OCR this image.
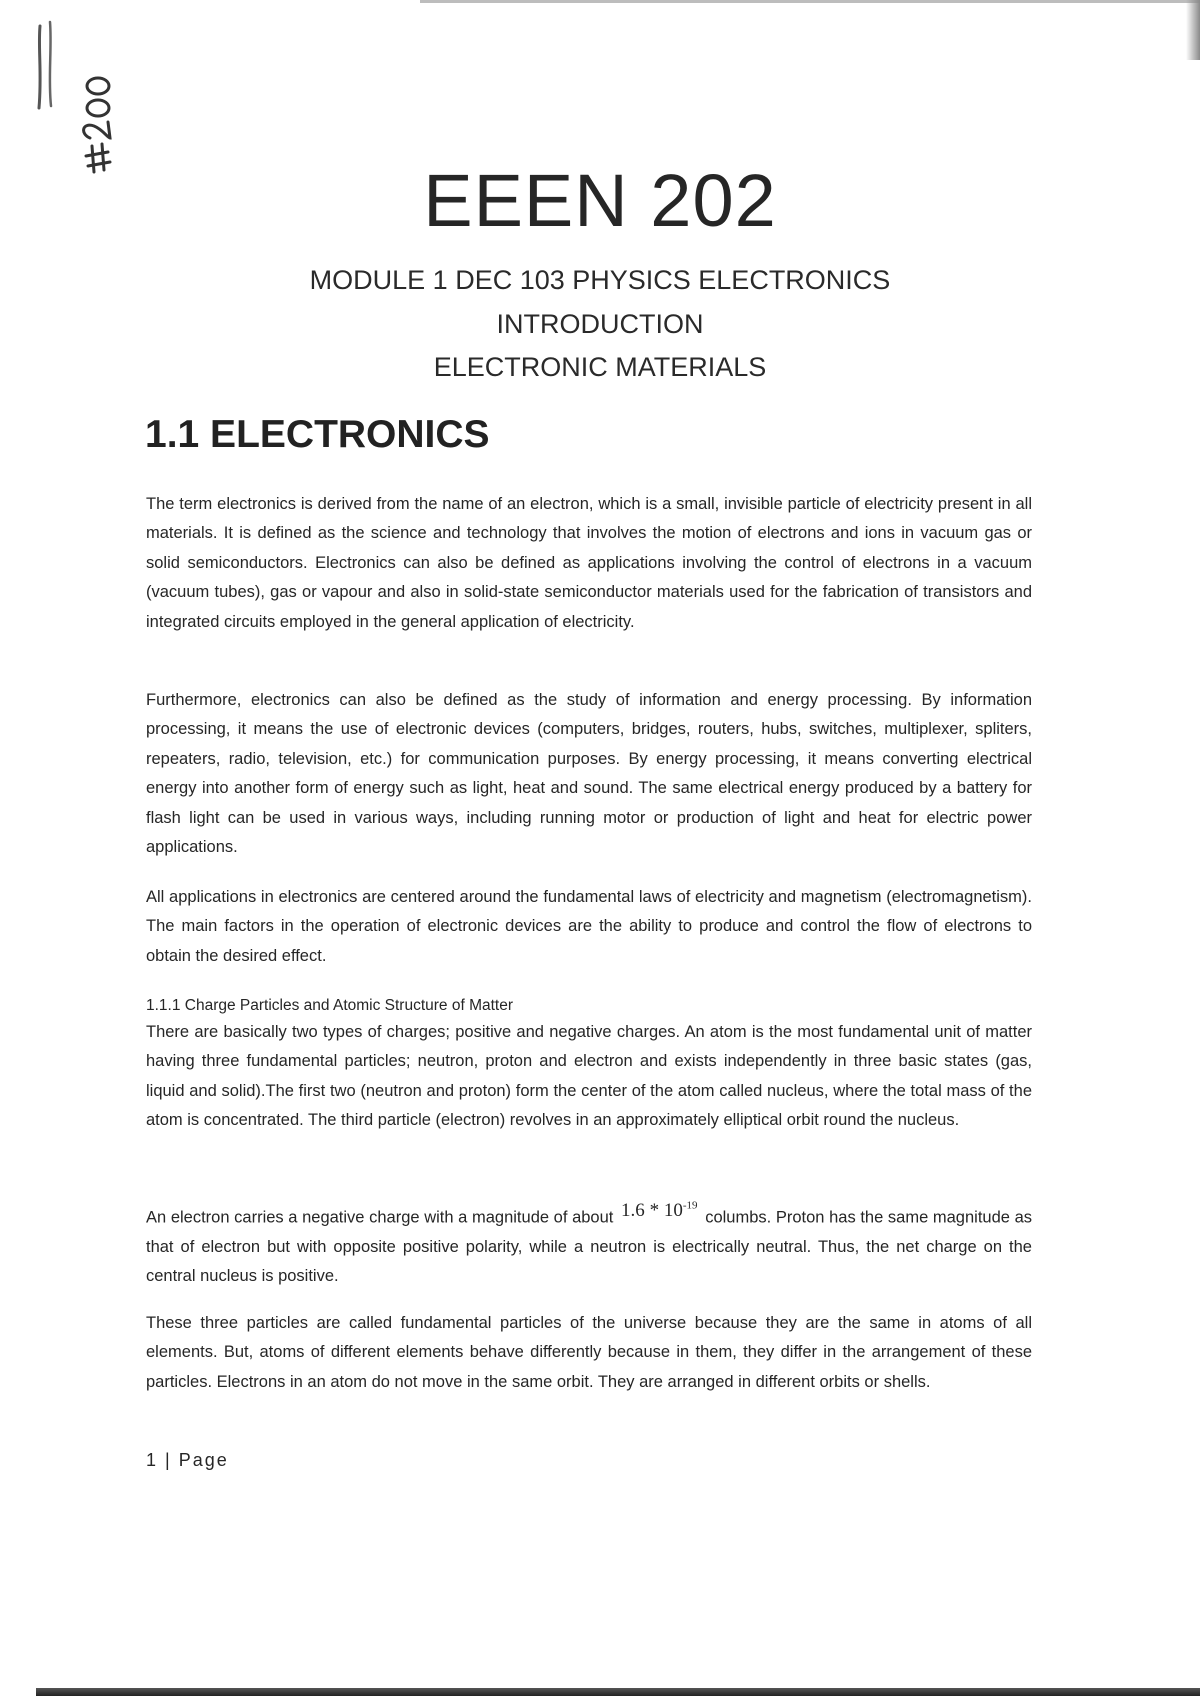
EEEN 202
MODULE 1 DEC 103 PHYSICS ELECTRONICS
INTRODUCTION
ELECTRONIC MATERIALS
1.1 ELECTRONICS

The term electronics is derived from the name of an electron, which is a small, invisible particle of electricity present in all materials. It is defined as the science and technology that involves the motion of electrons and ions in vacuum gas or solid semiconductors. Electronics can also be defined as applications involving the control of electrons in a vacuum (vacuum tubes), gas or vapour and also in solid-state semiconductor materials used for the fabrication of transistors and integrated circuits employed in the general application of electricity.

Furthermore, electronics can also be defined as the study of information and energy processing. By information processing, it means the use of electronic devices (computers, bridges, routers, hubs, switches, multiplexer, spliters, repeaters, radio, television, etc.) for communication purposes. By energy processing, it means converting electrical energy into another form of energy such as light, heat and sound. The same electrical energy produced by a battery for flash light can be used in various ways, including running motor or production of light and heat for electric power applications.

All applications in electronics are centered around the fundamental laws of electricity and magnetism (electromagnetism). The main factors in the operation of electronic devices are the ability to produce and control the flow of electrons to obtain the desired effect.

1.1.1 Charge Particles and Atomic Structure of Matter

There are basically two types of charges; positive and negative charges. An atom is the most fundamental unit of matter having three fundamental particles; neutron, proton and electron and exists independently in three basic states (gas, liquid and solid).The first two (neutron and proton) form the center of the atom called nucleus, where the total mass of the atom is concentrated. The third particle (electron) revolves in an approximately elliptical orbit round the nucleus.

An electron carries a negative charge with a magnitude of about $1.6 * 10^{-19}$ columbs. Proton has the same magnitude as that of electron but with opposite positive polarity, while a neutron is electrically neutral. Thus, the net charge on the central nucleus is positive.

These three particles are called fundamental particles of the universe because they are the same in atoms of all elements. But, atoms of different elements behave differently because in them, they differ in the arrangement of these particles. Electrons in an atom do not move in the same orbit. They are arranged in different orbits or shells.

1 | Page
